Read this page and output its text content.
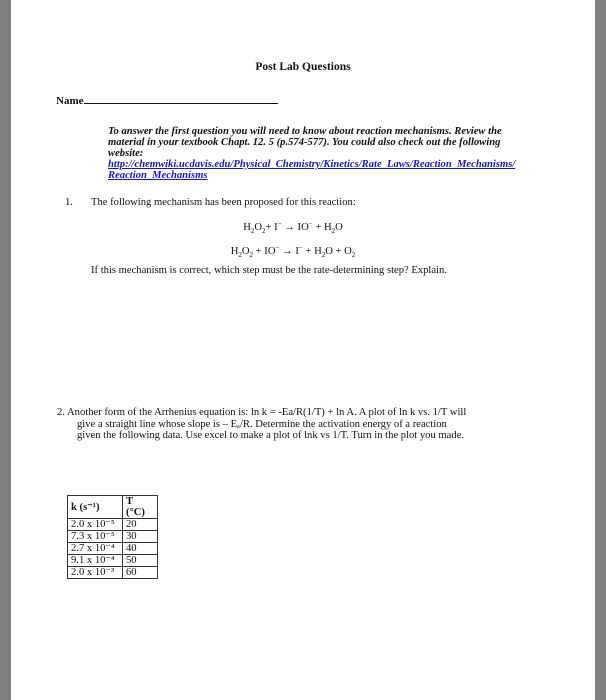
Post Lab Questions
Name
To answer the first question you will need to know about reaction mechanisms. Review the material in your textbook Chapt. 12. 5 (p.574-577). You could also check out the following website:
http://chemwiki.ucdavis.edu/Physical_Chemistry/Kinetics/Rate_Laws/Reaction_Mechanisms/Reaction_Mechanisms
1. The following mechanism has been proposed for this reaction:
$H_2O_2+ I^- \to IO^- + H_2O$
$H_2O_2 + IO^- \to I^- + H_2O + O_2$
If this mechanism is correct, which step must be the rate-determining step? Explain.
2. Another form of the Arrhenius equation is: ln k = -Ea/R(1/T) + ln A. A plot of ln k vs. 1/T will
give a straight line whose slope is – Eₐ/R. Determine the activation energy of a reaction
given the following data. Use excel to make a plot of lnk vs 1/T. Turn in the plot you made.
k (s⁻¹)	T (°C)
2.0 x 10⁻⁵	20
7.3 x 10⁻⁵	30
2.7 x 10⁻⁴	40
9.1 x 10⁻⁴	50
2.0 x 10⁻³	60
